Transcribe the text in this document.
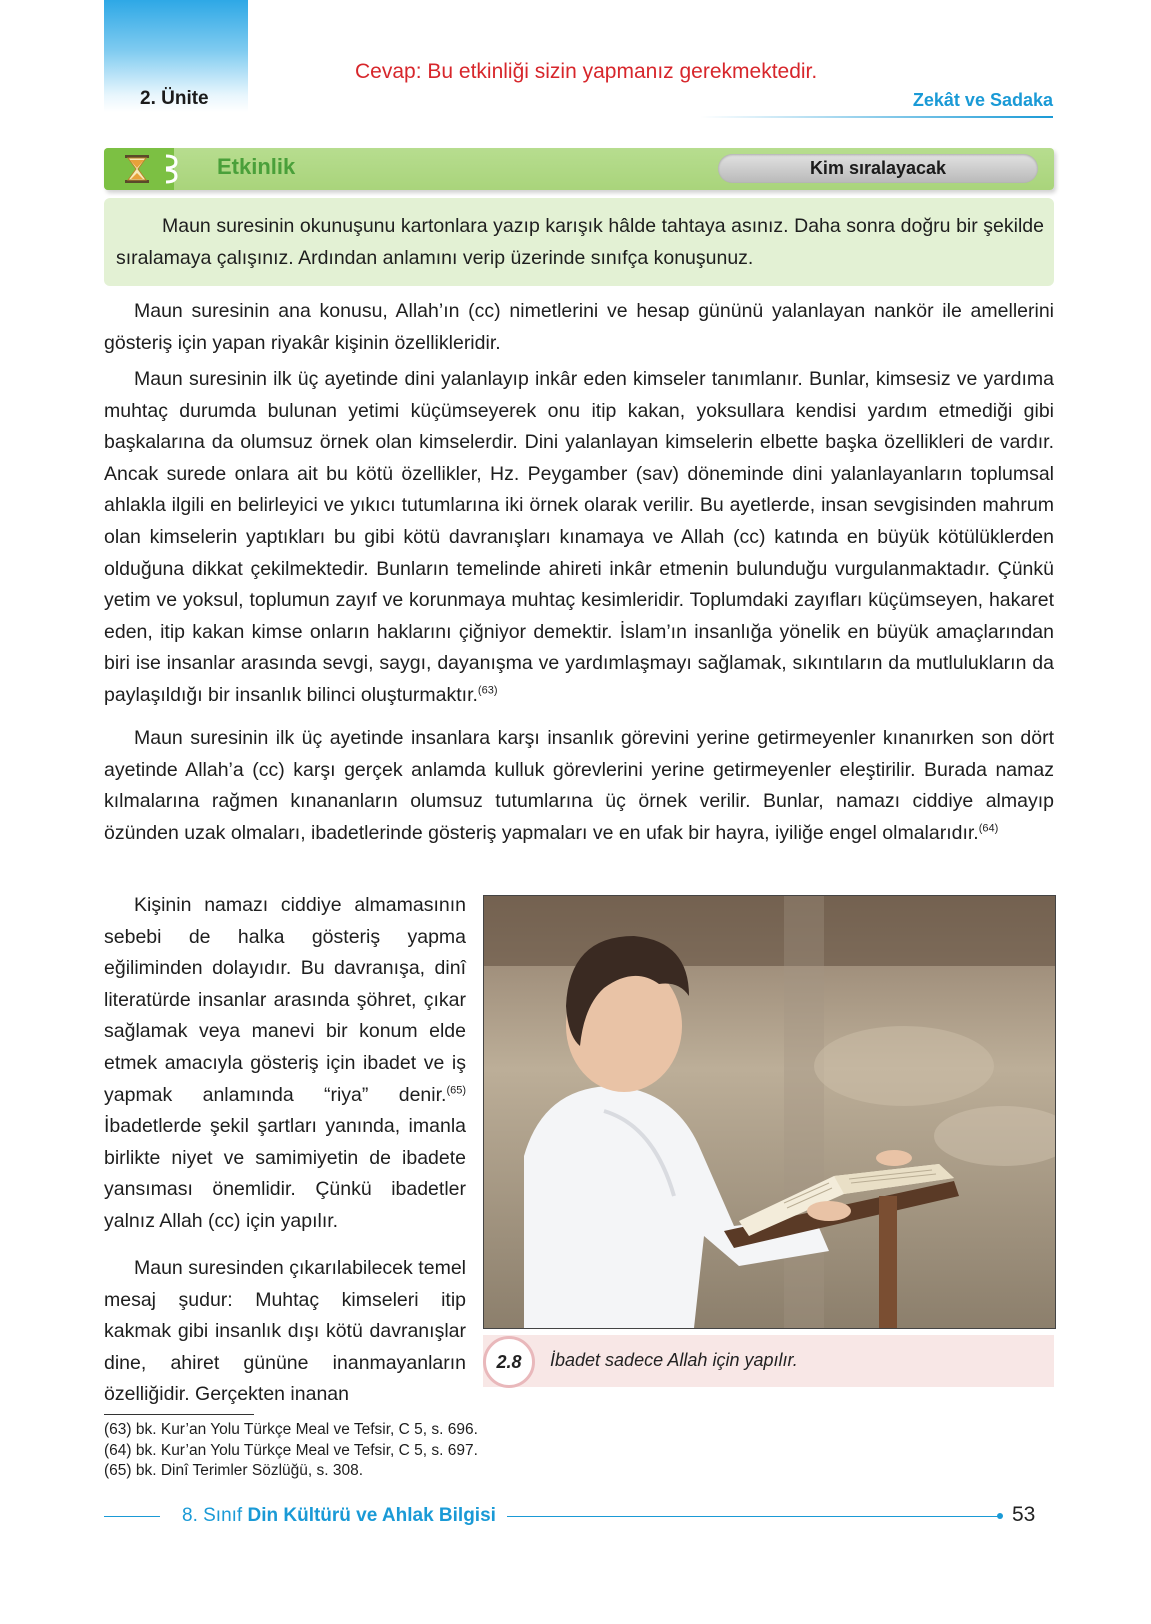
2. Ünite
Cevap: Bu etkinliği sizin yapmanız gerekmektedir.
Zekât ve Sadaka
Etkinlik	Kim sıralayacak
Maun suresinin okunuşunu kartonlara yazıp karışık hâlde tahtaya asınız. Daha sonra doğru bir şekilde sıralamaya çalışınız. Ardından anlamını verip üzerinde sınıfça konuşunuz.

Maun suresinin ana konusu, Allah’ın (cc) nimetlerini ve hesap gününü yalanlayan nankör ile amellerini gösteriş için yapan riyakâr kişinin özellikleridir.

Maun suresinin ilk üç ayetinde dini yalanlayıp inkâr eden kimseler tanımlanır. Bunlar, kimsesiz ve yardıma muhtaç durumda bulunan yetimi küçümseyerek onu itip kakan, yoksullara kendisi yardım etmediği gibi başkalarına da olumsuz örnek olan kimselerdir. Dini yalanlayan kimselerin elbette başka özellikleri de vardır. Ancak surede onlara ait bu kötü özellikler, Hz. Peygamber (sav) döneminde dini yalanlayanların toplumsal ahlakla ilgili en belirleyici ve yıkıcı tutumlarına iki örnek olarak verilir. Bu ayetlerde, insan sevgisinden mahrum olan kimselerin yaptıkları bu gibi kötü davranışları kınamaya ve Allah (cc) katında en büyük kötülüklerden olduğuna dikkat çekilmektedir. Bunların temelinde ahireti inkâr etmenin bulunduğu vurgulanmaktadır. Çünkü yetim ve yoksul, toplumun zayıf ve korunmaya muhtaç kesimleridir. Toplumdaki zayıfları küçümseyen, hakaret eden, itip kakan kimse onların haklarını çiğniyor demektir. İslam’ın insanlığa yönelik en büyük amaçlarından biri ise insanlar arasında sevgi, saygı, dayanışma ve yardımlaşmayı sağlamak, sıkıntıların da mutlulukların da paylaşıldığı bir insanlık bilinci oluşturmaktır.$^{(63)}$

Maun suresinin ilk üç ayetinde insanlara karşı insanlık görevini yerine getirmeyenler kınanırken son dört ayetinde Allah’a (cc) karşı gerçek anlamda kulluk görevlerini yerine getirmeyenler eleştirilir. Burada namaz kılmalarına rağmen kınananların olumsuz tutumlarına üç örnek verilir. Bunlar, namazı ciddiye almayıp özünden uzak olmaları, ibadetlerinde gösteriş yapmaları ve en ufak bir hayra, iyiliğe engel olmalarıdır.$^{(64)}$

Kişinin namazı ciddiye almamasının sebebi de halka gösteriş yapma eğiliminden dolayıdır. Bu davranışa, dinî literatürde insanlar arasında şöhret, çıkar sağlamak veya manevi bir konum elde etmek amacıyla gösteriş için ibadet ve iş yapmak anlamında “riya” denir.$^{(65)}$ İbadetlerde şekil şartları yanında, imanla birlikte niyet ve samimiyetin de ibadete yansıması önemlidir. Çünkü ibadetler yalnız Allah (cc) için yapılır.

Maun suresinden çıkarılabilecek temel mesaj şudur: Muhtaç kimseleri itip kakmak gibi insanlık dışı kötü davranışlar dine, ahiret gününe inanmayanların özelliğidir. Gerçekten inanan

2.8	İbadet sadece Allah için yapılır.
(63) bk. Kur’an Yolu Türkçe Meal ve Tefsir, C 5, s. 696.
(64) bk. Kur’an Yolu Türkçe Meal ve Tefsir, C 5, s. 697.
(65) bk. Dinî Terimler Sözlüğü, s. 308.
8. Sınıf Din Kültürü ve Ahlak Bilgisi	53
